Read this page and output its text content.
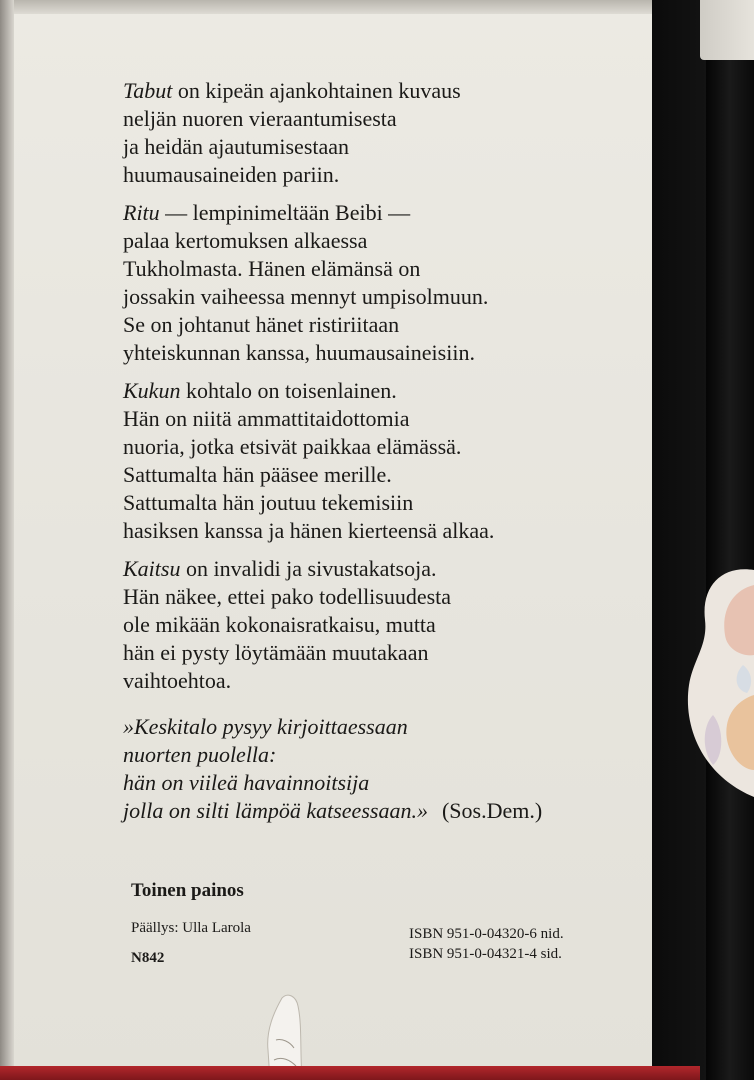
Tabut on kipeän ajankohtainen kuvaus
neljän nuoren vieraantumisesta
ja heidän ajautumisestaan
huumausaineiden pariin.
Ritu — lempinimeltään Beibi —
palaa kertomuksen alkaessa
Tukholmasta. Hänen elämänsä on
jossakin vaiheessa mennyt umpisolmuun.
Se on johtanut hänet ristiriitaan
yhteiskunnan kanssa, huumausaineisiin.
Kukun kohtalo on toisenlainen.
Hän on niitä ammattitaidottomia
nuoria, jotka etsivät paikkaa elämässä.
Sattumalta hän pääsee merille.
Sattumalta hän joutuu tekemisiin
hasiksen kanssa ja hänen kierteensä alkaa.
Kaitsu on invalidi ja sivustakatsoja.
Hän näkee, ettei pako todellisuudesta
ole mikään kokonaisratkaisu, mutta
hän ei pysty löytämään muutakaan
vaihtoehtoa.
»Keskitalo pysyy kirjoittaessaan
nuorten puolella:
hän on viileä havainnoitsija
jolla on silti lämpöä katseessaan.» (Sos.Dem.)
Toinen painos
Päällys: Ulla Larola
N842
ISBN 951-0-04320-6 nid.
ISBN 951-0-04321-4 sid.
